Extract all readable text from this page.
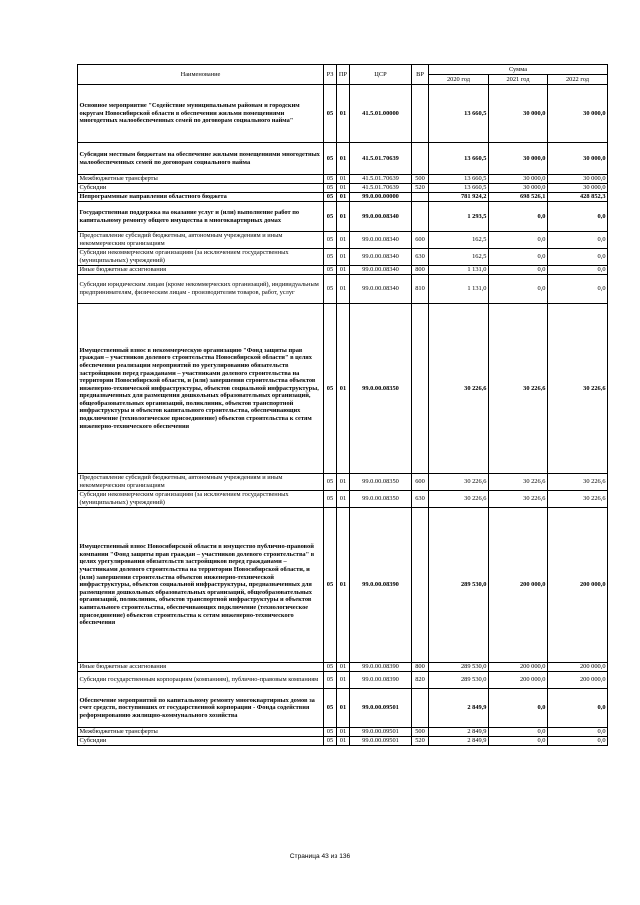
Наименование	РЗ	ПР	ЦСР	ВР	Сумма		
					2020 год	2021 год	2022 год
Основное мероприятие "Содействие муниципальным районам и городским округам Новосибирской области в обеспечении жильми помещениями многодетных малообеспеченных семей по договорам социального найма"	05	01	41.5.01.00000		13 660,5	30 000,0	30 000,0
Субсидии местным бюджетам на обеспечение жилыми помещениями многодетных малообеспеченных семей по договорам социального найма	05	01	41.5.01.70639		13 660,5	30 000,0	30 000,0
Межбюджетные трансферты	05	01	41.5.01.70639	500	13 660,5	30 000,0	30 000,0
Субсидии	05	01	41.5.01.70639	520	13 660,5	30 000,0	30 000,0
Непрограммные направления областного бюджета	05	01	99.0.00.00000		781 924,2	698 526,1	428 852,3
Государственная поддержка на оказание услуг и (или) выполнение работ по капитальному ремонту общего имущества в многоквартирных домах	05	01	99.0.00.08340		1 293,5	0,0	0,0
Предоставление субсидий бюджетным, автономным учреждениям и иным некоммерческим организациям	05	01	99.0.00.08340	600	162,5	0,0	0,0
Субсидии некоммерческим организациям (за исключением государственных (муниципальных) учреждений)	05	01	99.0.00.08340	630	162,5	0,0	0,0
Иные бюджетные ассигнования	05	01	99.0.00.08340	800	1 131,0	0,0	0,0
Субсидии юридическим лицам (кроме некоммерческих организаций), индивидуальным предпринимателям, физическим лицам - производителям товаров, работ, услуг	05	01	99.0.00.08340	810	1 131,0	0,0	0,0
Имущественный взнос в некоммерческую организацию "Фонд защиты прав граждан – участников долевого строительства Новосибирской области" в целях обеспечения реализации мероприятий по урегулированию обязательств застройщиков перед гражданами – участниками долевого строительства на территории Новосибирской области, и (или) завершения строительства объектов инженерно-технической инфраструктуры, объектов социальной инфраструктуры, предназначенных для размещения дошкольных образовательных организаций, общеобразовательных организаций, поликлиник, объектов транспортной инфраструктуры и объектов капитального строительства, обеспечивающих подключение (технологическое присоединение) объектов строительства к сетям инженерно-технического обеспечения	05	01	99.0.00.08350		30 226,6	30 226,6	30 226,6
Предоставление субсидий бюджетным, автономным учреждениям и иным некоммерческим организациям	05	01	99.0.00.08350	600	30 226,6	30 226,6	30 226,6
Субсидии некоммерческим организациям (за исключением государственных (муниципальных) учреждений)	05	01	99.0.00.08350	630	30 226,6	30 226,6	30 226,6
Имущественный взнос Новосибирской области в имущество публично-правовой компании "Фонд защиты прав граждан – участников долевого строительства" в целях урегулирования обязательств застройщиков перед гражданами – участниками долевого строительства на территории Новосибирской области, и (или) завершения строительства объектов инженерно-технической инфраструктуры, объектов социальной инфраструктуры, предназначенных для размещения дошкольных образовательных организаций, общеобразовательных организаций, поликлиник, объектов транспортной инфраструктуры и объектов капитального строительства, обеспечивающих подключение (технологическое присоединение) объектов строительства к сетям инженерно-технического обеспечения	05	01	99.0.00.08390		289 530,0	200 000,0	200 000,0
Иные бюджетные ассигнования	05	01	99.0.00.08390	800	289 530,0	200 000,0	200 000,0
Субсидии государственным корпорациям (компаниям), публично-правовым компаниям	05	01	99.0.00.08390	820	289 530,0	200 000,0	200 000,0
Обеспечение мероприятий по капитальному ремонту многоквартирных домов за счет средств, поступивших от государственной корпорации - Фонда содействия реформированию жилищно-коммунального хозяйства	05	01	99.0.00.09501		2 849,9	0,0	0,0
Межбюджетные трансферты	05	01	99.0.00.09501	500	2 849,9	0,0	0,0
Субсидии	05	01	99.0.00.09501	520	2 849,9	0,0	0,0
Страница 43 из 136
